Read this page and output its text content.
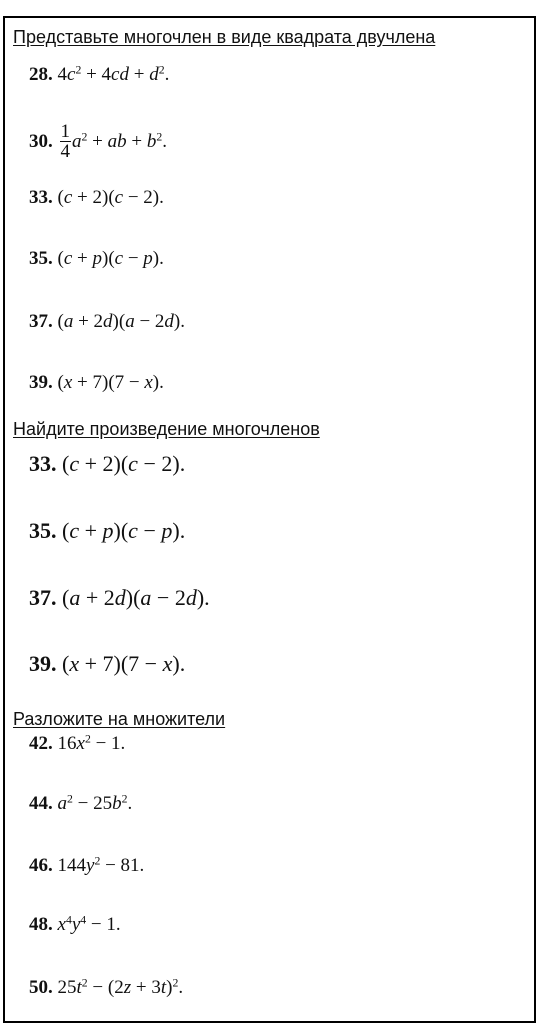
Представьте многочлен в виде квадрата двучлена
28. $4c^2 + 4cd + d^2$.
30. $\frac{1}{4} a^2$ + ab + $b^2$.
33. (c + 2)(c − 2).
35. (c + p)(c − p).
37. (a + 2d)(a − 2d).
39. (x + 7)(7 − x).
Найдите произведение многочленов
33. (c + 2)(c − 2).
35. (c + p)(c − p).
37. (a + 2d)(a − 2d).
39. (x + 7)(7 − x).
Разложите на множители
42. $16x^2 - 1$.
44. $a^2 - 25b^2$.
46. $144y^2 - 81$.
48. $x^4y^4 - 1$.
50. $25t^2 - (2z + 3t)^2$.
